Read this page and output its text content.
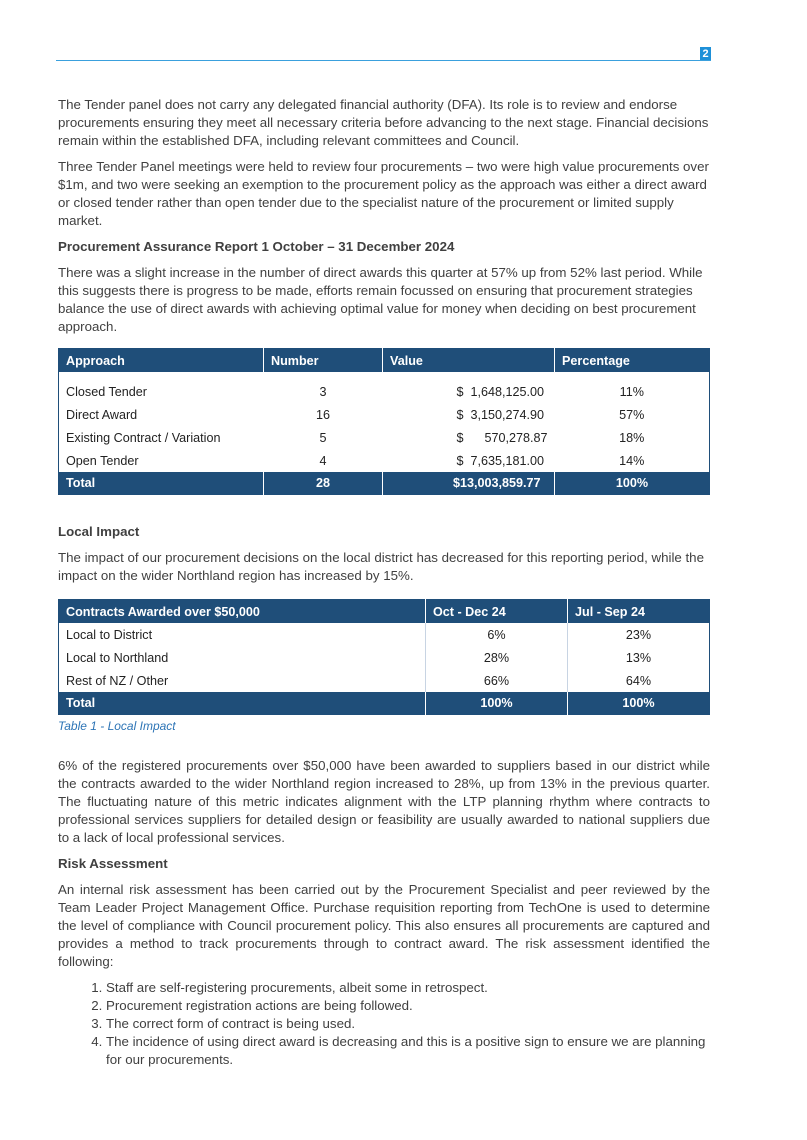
2

The Tender panel does not carry any delegated financial authority (DFA). Its role is to review and endorse procurements ensuring they meet all necessary criteria before advancing to the next stage. Financial decisions remain within the established DFA, including relevant committees and Council.

Three Tender Panel meetings were held to review four procurements – two were high value procurements over $1m, and two were seeking an exemption to the procurement policy as the approach was either a direct award or closed tender rather than open tender due to the specialist nature of the procurement or limited supply market.

Procurement Assurance Report 1 October – 31 December 2024

There was a slight increase in the number of direct awards this quarter at 57% up from 52% last period. While this suggests there is progress to be made, efforts remain focussed on ensuring that procurement strategies balance the use of direct awards with achieving optimal value for money when deciding on best procurement approach.

Approach	Number	Value	Percentage
Closed Tender	3	$  1,648,125.00	11%
Direct Award	16	$  3,150,274.90	57%
Existing Contract / Variation	5	$      570,278.87	18%
Open Tender	4	$  7,635,181.00	14%
Total	28	$13,003,859.77	100%
Local Impact

The impact of our procurement decisions on the local district has decreased for this reporting period, while the impact on the wider Northland region has increased by 15%.

Contracts Awarded over $50,000	Oct - Dec 24	Jul - Sep 24
Local to District	6%	23%
Local to Northland	28%	13%
Rest of NZ / Other	66%	64%
Total	100%	100%
Table 1 - Local Impact

6% of the registered procurements over $50,000 have been awarded to suppliers based in our district while the contracts awarded to the wider Northland region increased to 28%, up from 13% in the previous quarter. The fluctuating nature of this metric indicates alignment with the LTP planning rhythm where contracts to professional services suppliers for detailed design or feasibility are usually awarded to national suppliers due to a lack of local professional services.

Risk Assessment

An internal risk assessment has been carried out by the Procurement Specialist and peer reviewed by the Team Leader Project Management Office. Purchase requisition reporting from TechOne is used to determine the level of compliance with Council procurement policy. This also ensures all procurements are captured and provides a method to track procurements through to contract award. The risk assessment identified the following:

1. Staff are self-registering procurements, albeit some in retrospect.
2. Procurement registration actions are being followed.
3. The correct form of contract is being used.
4. The incidence of using direct award is decreasing and this is a positive sign to ensure we are planning for our procurements.
